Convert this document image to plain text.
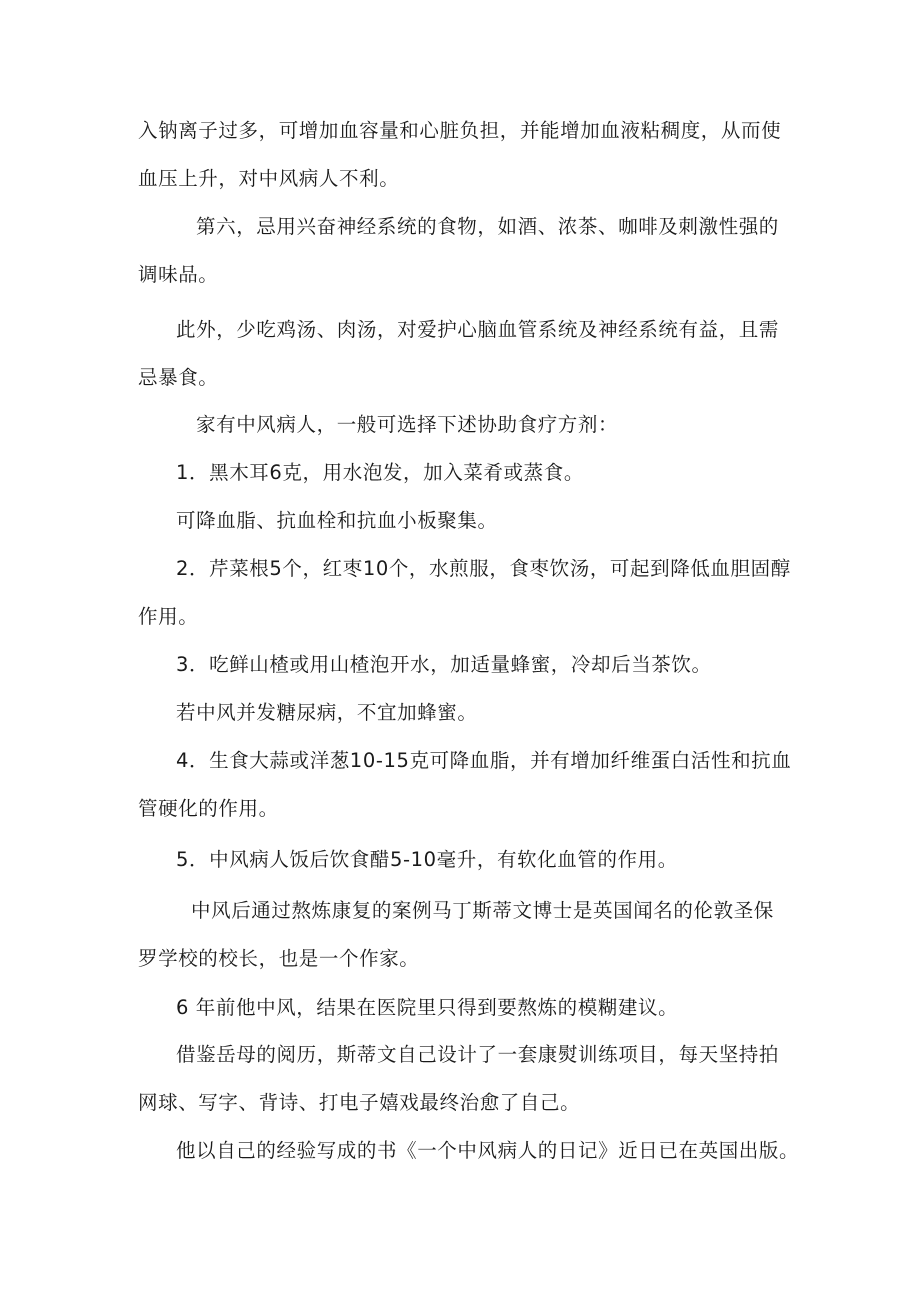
入钠离子过多，可增加血容量和心脏负担，并能增加血液粘稠度，从而使
血压上升，对中风病人不利。
第六，忌用兴奋神经系统的食物，如酒、浓茶、咖啡及刺激性强的
调味品。
此外，少吃鸡汤、肉汤，对爱护心脑血管系统及神经系统有益，且需
忌暴食。
家有中风病人，一般可选择下述协助食疗方剂：
1．黑木耳6克，用水泡发，加入菜肴或蒸食。
可降血脂、抗血栓和抗血小板聚集。
2．芹菜根5个，红枣10个，水煎服，食枣饮汤，可起到降低血胆固醇
作用。
3．吃鲜山楂或用山楂泡开水，加适量蜂蜜，冷却后当茶饮。
若中风并发糖尿病，不宜加蜂蜜。
4．生食大蒜或洋葱10-15克可降血脂，并有增加纤维蛋白活性和抗血
管硬化的作用。
5．中风病人饭后饮食醋5-10毫升，有软化血管的作用。
中风后通过熬炼康复的案例马丁斯蒂文博士是英国闻名的伦敦圣保
罗学校的校长，也是一个作家。
6 年前他中风，结果在医院里只得到要熬炼的模糊建议。
借鉴岳母的阅历，斯蒂文自己设计了一套康熨训练项目，每天坚持拍
网球、写字、背诗、打电子嬉戏最终治愈了自己。
他以自己的经验写成的书《一个中风病人的日记》近日已在英国出版。
